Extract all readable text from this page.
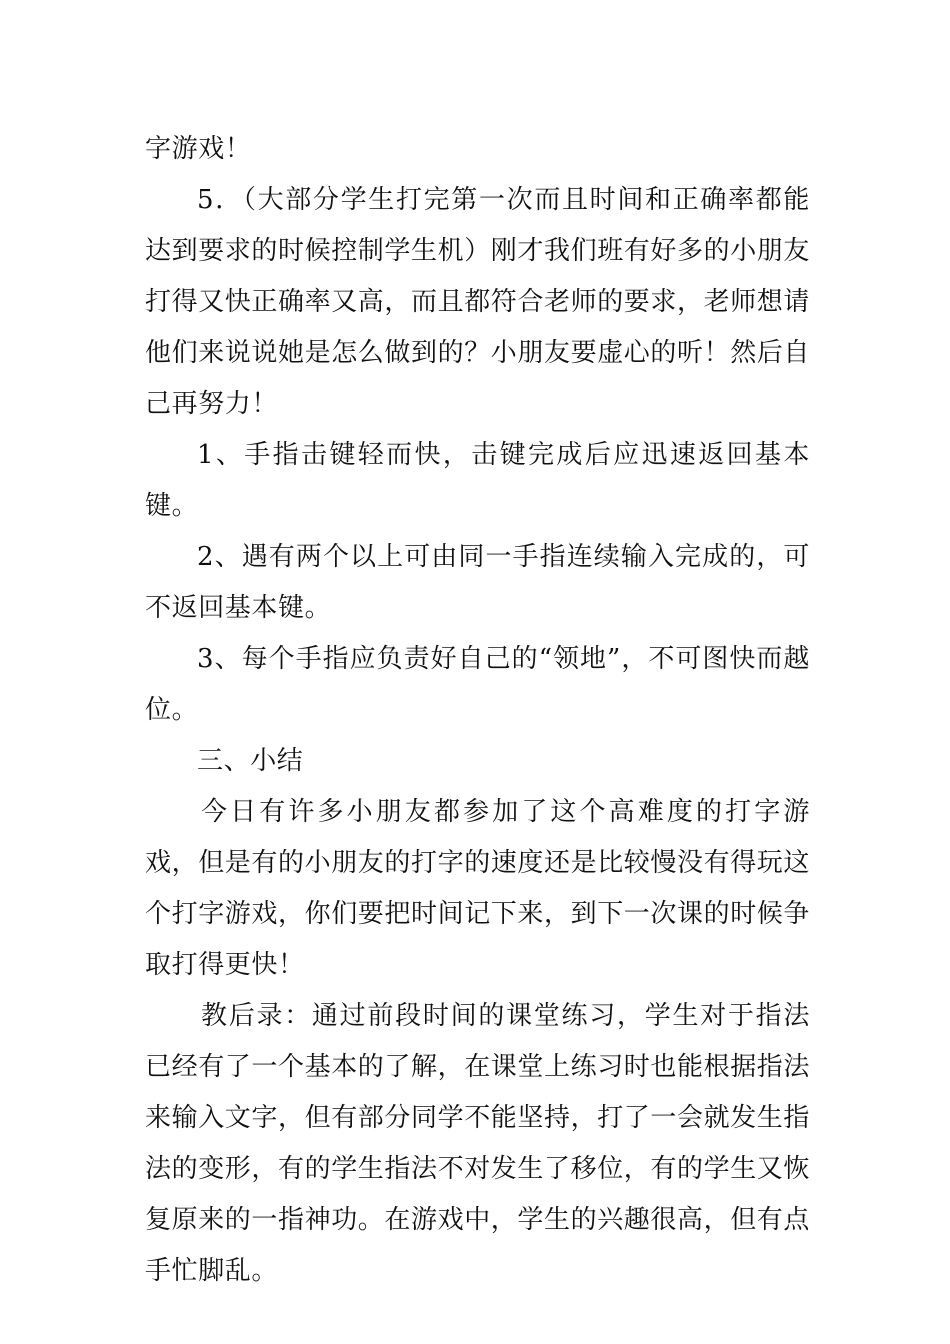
字游戏！

5．（大部分学生打完第一次而且时间和正确率都能达到要求的时候控制学生机）刚才我们班有好多的小朋友打得又快正确率又高，而且都符合老师的要求，老师想请他们来说说她是怎么做到的？小朋友要虚心的听！然后自己再努力！

1、手指击键轻而快，击键完成后应迅速返回基本键。

2、遇有两个以上可由同一手指连续输入完成的，可不返回基本键。

3、每个手指应负责好自己的“领地”，不可图快而越位。

三、小结

今日有许多小朋友都参加了这个高难度的打字游戏，但是有的小朋友的打字的速度还是比较慢没有得玩这个打字游戏，你们要把时间记下来，到下一次课的时候争取打得更快！

教后录：通过前段时间的课堂练习，学生对于指法已经有了一个基本的了解，在课堂上练习时也能根据指法来输入文字，但有部分同学不能坚持，打了一会就发生指法的变形，有的学生指法不对发生了移位，有的学生又恢复原来的一指神功。在游戏中，学生的兴趣很高，但有点手忙脚乱。
